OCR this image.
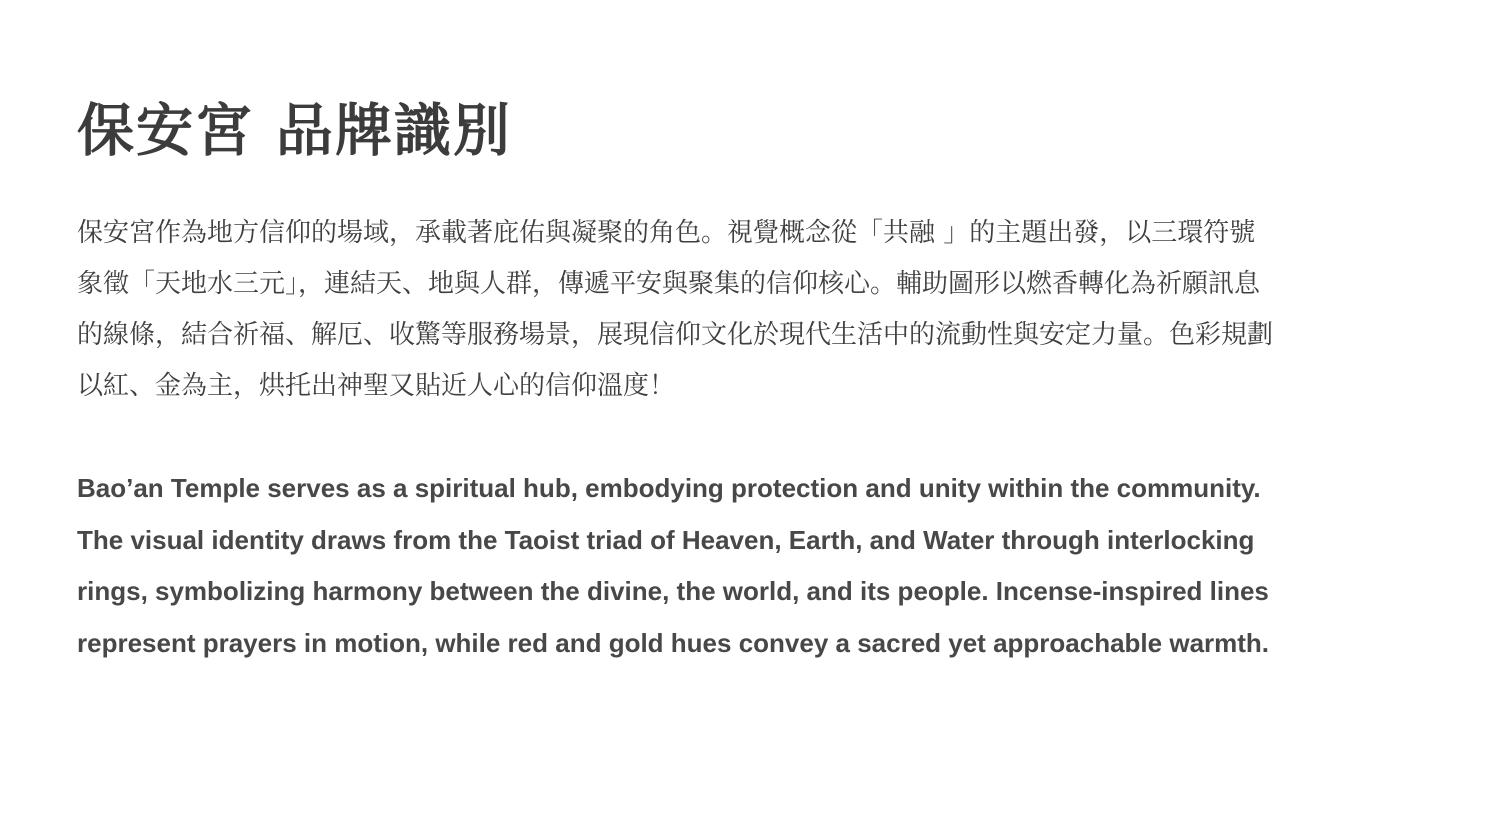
保安宮 品牌識別
保安宮作為地方信仰的場域，承載著庇佑與凝聚的角色。視覺概念從「共融 」的主題出發，以三環符號
象徵「天地水三元」，連結天、地與人群，傳遞平安與聚集的信仰核心。輔助圖形以燃香轉化為祈願訊息
的線條，結合祈福、解厄、收驚等服務場景，展現信仰文化於現代生活中的流動性與安定力量。色彩規劃
以紅、金為主，烘托出神聖又貼近人心的信仰溫度！
Bao’an Temple serves as a spiritual hub, embodying protection and unity within the community.
The visual identity draws from the Taoist triad of Heaven, Earth, and Water through interlocking
rings, symbolizing harmony between the divine, the world, and its people. Incense-inspired lines
represent prayers in motion, while red and gold hues convey a sacred yet approachable warmth.
